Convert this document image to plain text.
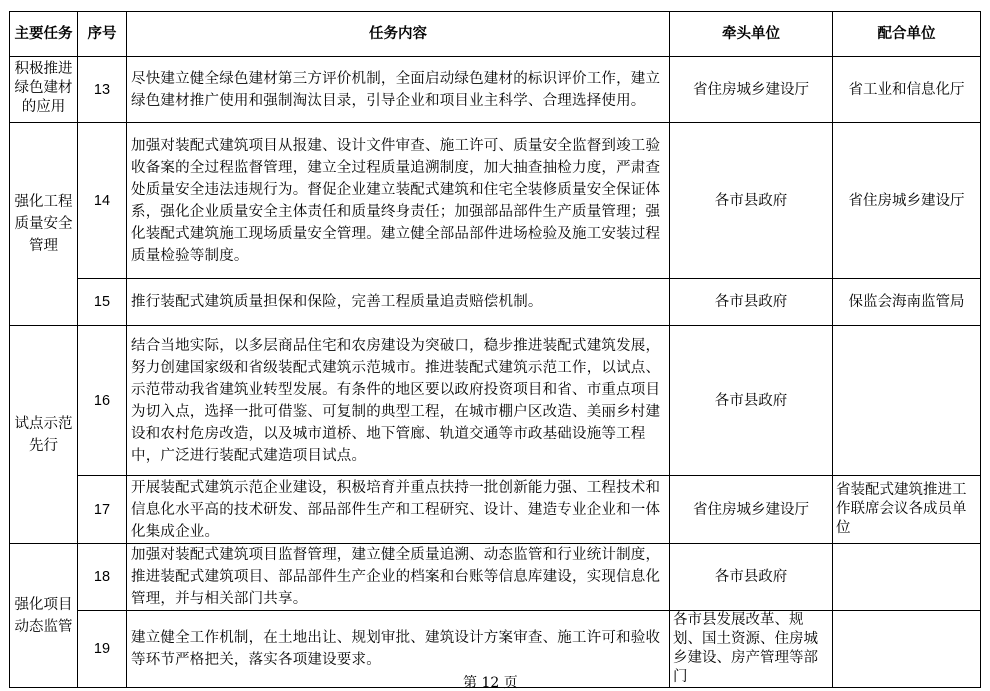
主要任务	序号	任务内容	牵头单位	配合单位

积极推进绿色建材的应用	13	尽快建立健全绿色建材第三方评价机制，全面启动绿色建材的标识评价工作，建立绿色建材推广使用和强制淘汰目录，引导企业和项目业主科学、合理选择使用。	省住房城乡建设厅	省工业和信息化厅
强化工程质量安全管理	14	加强对装配式建筑项目从报建、设计文件审查、施工许可、质量安全监督到竣工验收备案的全过程监督管理，建立全过程质量追溯制度，加大抽查抽检力度，严肃查处质量安全违法违规行为。督促企业建立装配式建筑和住宅全装修质量安全保证体系，强化企业质量安全主体责任和质量终身责任；加强部品部件生产质量管理；强化装配式建筑施工现场质量安全管理。建立健全部品部件进场检验及施工安装过程质量检验等制度。	各市县政府	省住房城乡建设厅
	15	推行装配式建筑质量担保和保险，完善工程质量追责赔偿机制。	各市县政府	保监会海南监管局
试点示范先行	16	结合当地实际，以多层商品住宅和农房建设为突破口，稳步推进装配式建筑发展，努力创建国家级和省级装配式建筑示范城市。推进装配式建筑示范工作，以试点、示范带动我省建筑业转型发展。有条件的地区要以政府投资项目和省、市重点项目为切入点，选择一批可借鉴、可复制的典型工程，在城市棚户区改造、美丽乡村建设和农村危房改造，以及城市道桥、地下管廊、轨道交通等市政基础设施等工程中，广泛进行装配式建造项目试点。	各市县政府	
	17	开展装配式建筑示范企业建设，积极培育并重点扶持一批创新能力强、工程技术和信息化水平高的技术研发、部品部件生产和工程研究、设计、建造专业企业和一体化集成企业。	省住房城乡建设厅	省装配式建筑推进工作联席会议各成员单位
强化项目动态监管	18	加强对装配式建筑项目监督管理，建立健全质量追溯、动态监管和行业统计制度，推进装配式建筑项目、部品部件生产企业的档案和台账等信息库建设，实现信息化管理，并与相关部门共享。	各市县政府	
	19	建立健全工作机制，在土地出让、规划审批、建筑设计方案审查、施工许可和验收等环节严格把关，落实各项建设要求。	各市县发展改革、规划、国土资源、住房城乡建设、房产管理等部门	
第 12 页
